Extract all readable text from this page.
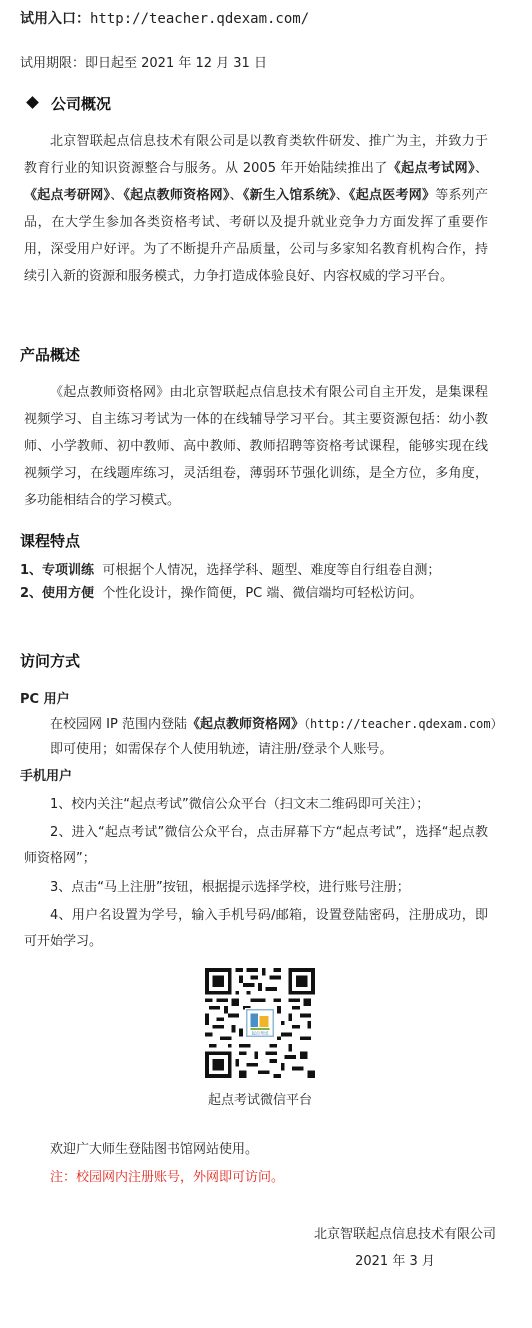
试用入口：http://teacher.qdexam.com/
试用期限：即日起至 2021 年 12 月 31 日
公司概况
北京智联起点信息技术有限公司是以教育类软件研发、推广为主，并致力于教育行业的知识资源整合与服务。从 2005 年开始陆续推出了《起点考试网》、《起点考研网》、《起点教师资格网》、《新生入馆系统》、《起点医考网》等系列产品，在大学生参加各类资格考试、考研以及提升就业竞争力方面发挥了重要作用，深受用户好评。为了不断提升产品质量，公司与多家知名教育机构合作，持续引入新的资源和服务模式，力争打造成体验良好、内容权威的学习平台。
产品概述
《起点教师资格网》由北京智联起点信息技术有限公司自主开发，是集课程视频学习、自主练习考试为一体的在线辅导学习平台。其主要资源包括：幼小教师、小学教师、初中教师、高中教师、教师招聘等资格考试课程，能够实现在线视频学习，在线题库练习，灵活组卷，薄弱环节强化训练，是全方位，多角度，多功能相结合的学习模式。
课程特点
1、专项训练 可根据个人情况，选择学科、题型、难度等自行组卷自测；
2、使用方便 个性化设计，操作简便，PC 端、微信端均可轻松访问。
访问方式
PC 用户
在校园网 IP 范围内登陆《起点教师资格网》（http://teacher.qdexam.com）
即可使用；如需保存个人使用轨迹，请注册/登录个人账号。
手机用户
1、校内关注“起点考试”微信公众平台（扫文末二维码即可关注）；
2、进入“起点考试”微信公众平台，点击屏幕下方“起点考试”，选择“起点教师资格网”；
3、点击“马上注册”按钮，根据提示选择学校，进行账号注册；
4、用户名设置为学号，输入手机号码/邮箱，设置登陆密码，注册成功，即可开始学习。
起点考试
起点考试微信平台
欢迎广大师生登陆图书馆网站使用。
注：校园网内注册账号，外网即可访问。
北京智联起点信息技术有限公司
2021 年 3 月
